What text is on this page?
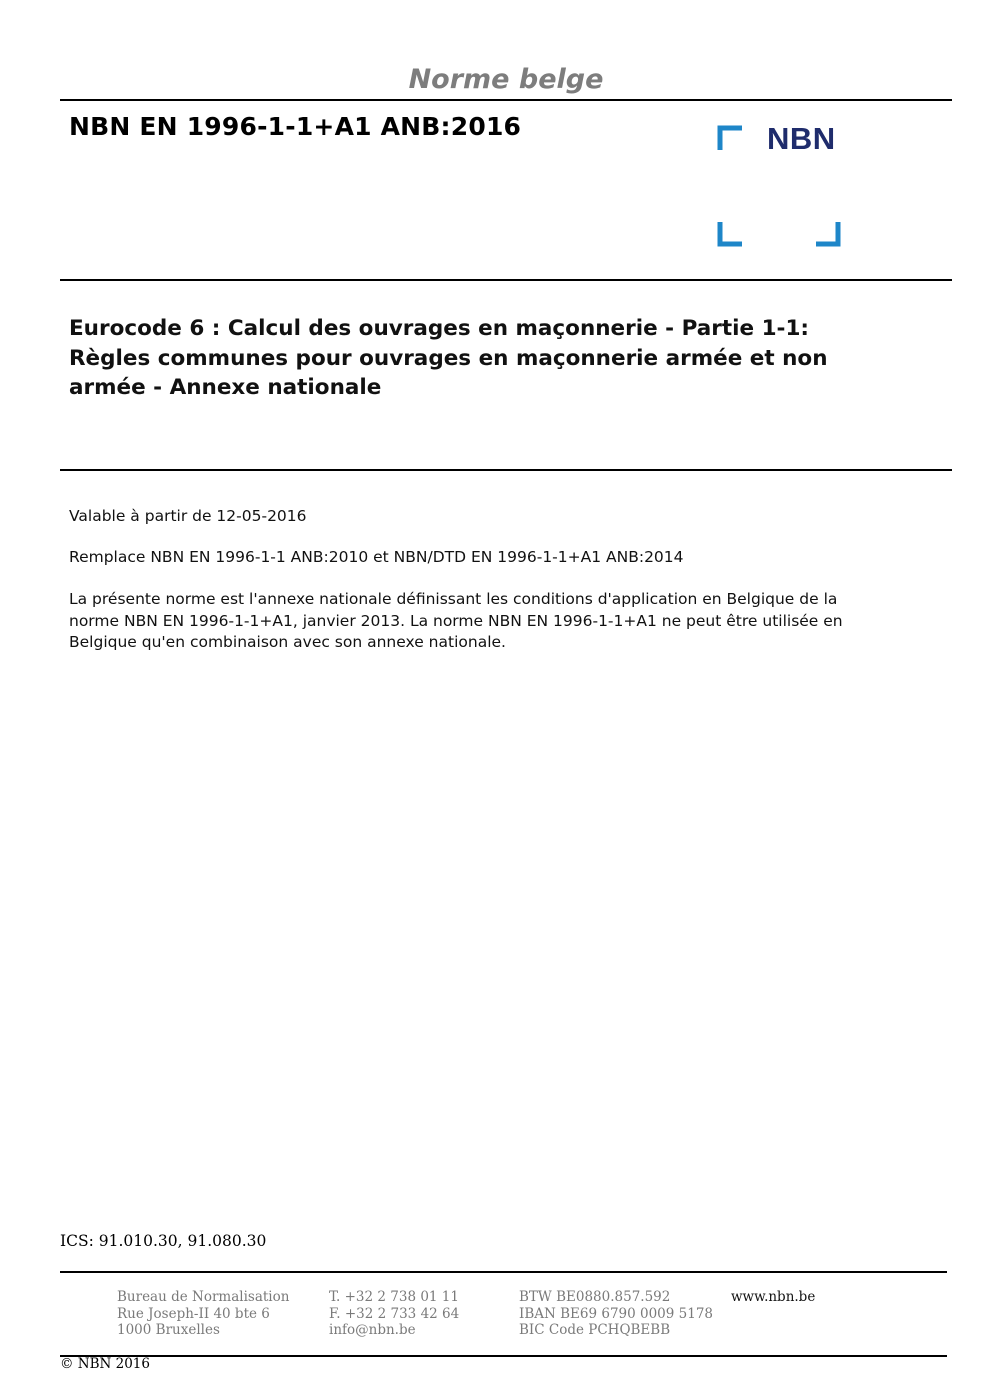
Norme belge
NBN EN 1996-1-1+A1 ANB:2016	NBN
Eurocode 6 : Calcul des ouvrages en maçonnerie - Partie 1-1:
Règles communes pour ouvrages en maçonnerie armée et non
armée - Annexe nationale
Valable à partir de 12-05-2016
Remplace NBN EN 1996-1-1 ANB:2010 et NBN/DTD EN 1996-1-1+A1 ANB:2014
La présente norme est l'annexe nationale définissant les conditions d'application en Belgique de la
norme NBN EN 1996-1-1+A1, janvier 2013. La norme NBN EN 1996-1-1+A1 ne peut être utilisée en
Belgique qu'en combinaison avec son annexe nationale.
ICS: 91.010.30, 91.080.30
Bureau de Normalisation
Rue Joseph-II 40 bte 6
1000 Bruxelles
T. +32 2 738 01 11
F. +32 2 733 42 64
info@nbn.be
BTW BE0880.857.592
IBAN BE69 6790 0009 5178
BIC Code PCHQBEBB
www.nbn.be
© NBN 2016
